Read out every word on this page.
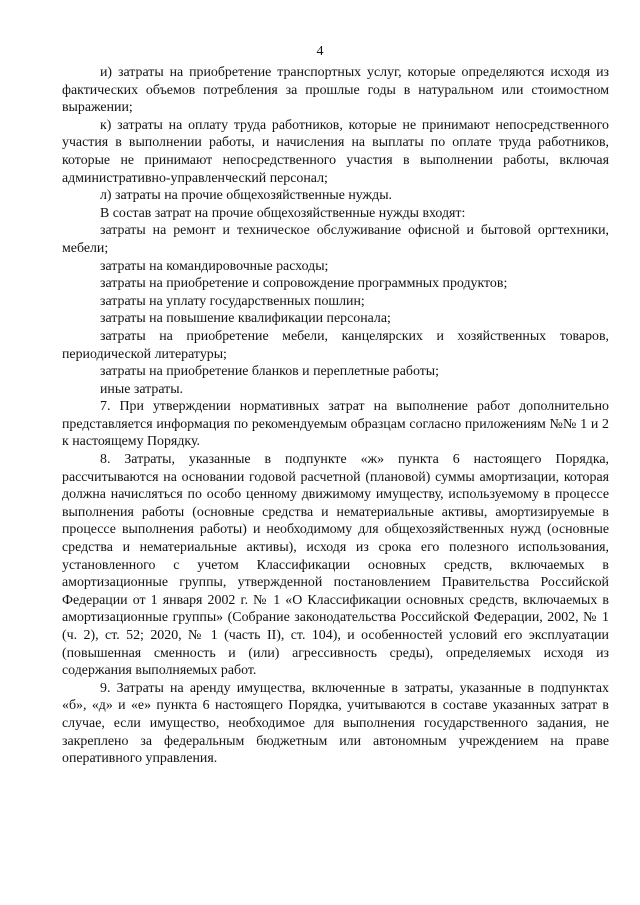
4

и) затраты на приобретение транспортных услуг, которые определяются исходя из фактических объемов потребления за прошлые годы в натуральном или стоимостном выражении;

к) затраты на оплату труда работников, которые не принимают непосредственного участия в выполнении работы, и начисления на выплаты по оплате труда работников, которые не принимают непосредственного участия в выполнении работы, включая административно-управленческий персонал;

л) затраты на прочие общехозяйственные нужды.

В состав затрат на прочие общехозяйственные нужды входят:

затраты на ремонт и техническое обслуживание офисной и бытовой оргтехники, мебели;

затраты на командировочные расходы;

затраты на приобретение и сопровождение программных продуктов;

затраты на уплату государственных пошлин;

затраты на повышение квалификации персонала;

затраты на приобретение мебели, канцелярских и хозяйственных товаров, периодической литературы;

затраты на приобретение бланков и переплетные работы;

иные затраты.

7. При утверждении нормативных затрат на выполнение работ дополнительно представляется информация по рекомендуемым образцам согласно приложениям №№ 1 и 2 к настоящему Порядку.

8. Затраты, указанные в подпункте «ж» пункта 6 настоящего Порядка, рассчитываются на основании годовой расчетной (плановой) суммы амортизации, которая должна начисляться по особо ценному движимому имуществу, используемому в процессе выполнения работы (основные средства и нематериальные активы, амортизируемые в процессе выполнения работы) и необходимому для общехозяйственных нужд (основные средства и нематериальные активы), исходя из срока его полезного использования, установленного с учетом Классификации основных средств, включаемых в амортизационные группы, утвержденной постановлением Правительства Российской Федерации от 1 января 2002 г. № 1 «О Классификации основных средств, включаемых в амортизационные группы» (Собрание законодательства Российской Федерации, 2002, № 1 (ч. 2), ст. 52; 2020, № 1 (часть II), ст. 104), и особенностей условий его эксплуатации (повышенная сменность и (или) агрессивность среды), определяемых исходя из содержания выполняемых работ.

9. Затраты на аренду имущества, включенные в затраты, указанные в подпунктах «б», «д» и «е» пункта 6 настоящего Порядка, учитываются в составе указанных затрат в случае, если имущество, необходимое для выполнения государственного задания, не закреплено за федеральным бюджетным или автономным учреждением на праве оперативного управления.
